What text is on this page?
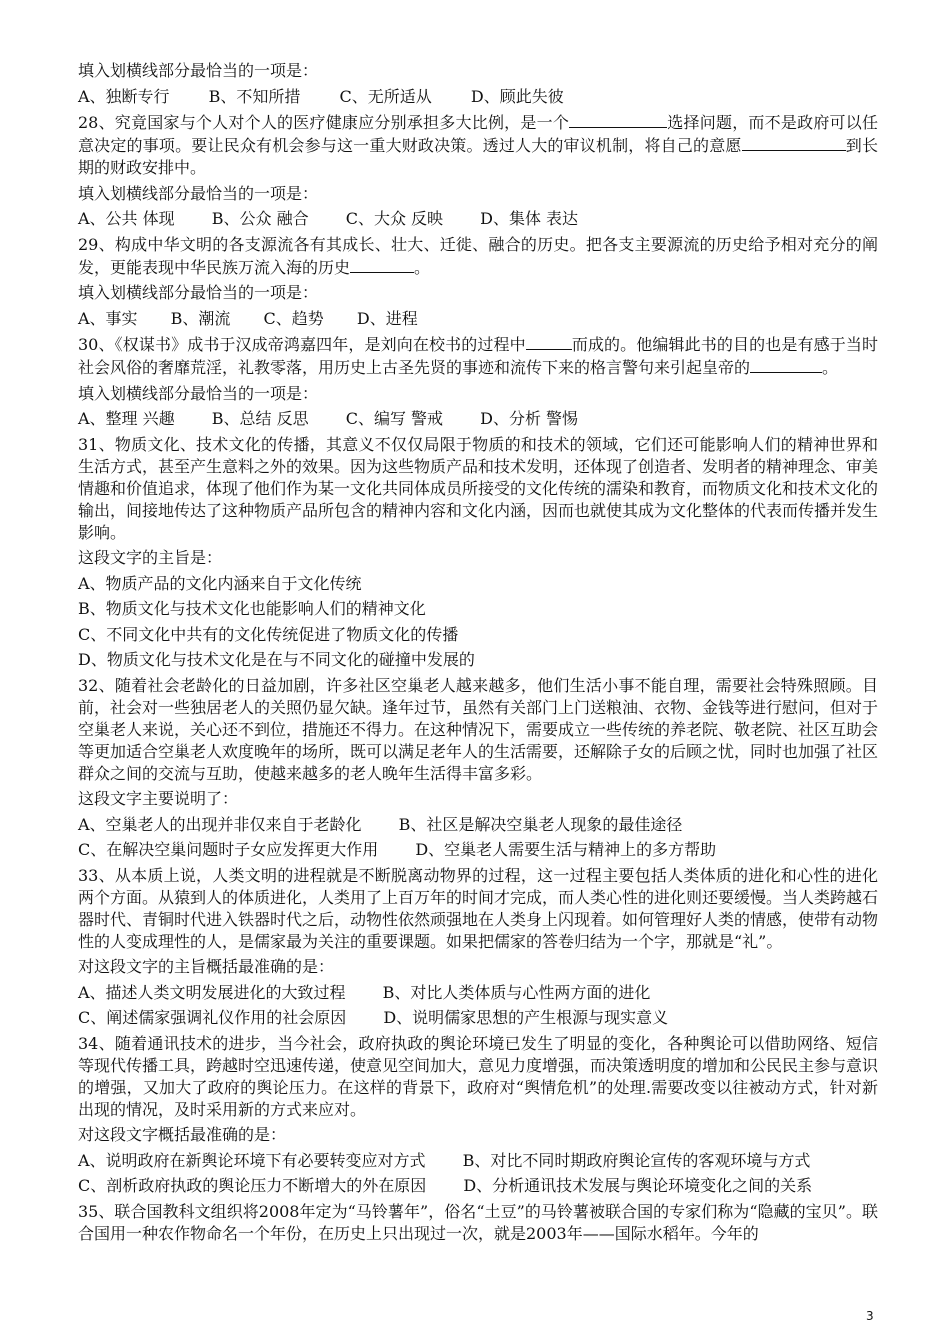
填入划横线部分最恰当的一项是：

A、独断专行 B、不知所措 C、无所适从 D、顾此失彼

28、究竟国家与个人对个人的医疗健康应分别承担多大比例，是一个	选择问题，而不是政府可以任意决定的事项。要让民众有机会参与这一重大财政决策。透过人大的审议机制，将自己的意愿	到长期的财政安排中。

填入划横线部分最恰当的一项是：

A、公共 体现 B、公众 融合 C、大众 反映 D、集体 表达

29、构成中华文明的各支源流各有其成长、壮大、迁徙、融合的历史。把各支主要源流的历史给予相对充分的阐发，更能表现中华民族万流入海的历史	。

填入划横线部分最恰当的一项是：

A、事实 B、潮流 C、趋势 D、进程

30、《权谋书》成书于汉成帝鸿嘉四年，是刘向在校书的过程中	而成的。他编辑此书的目的也是有感于当时社会风俗的奢靡荒淫，礼教零落，用历史上古圣先贤的事迹和流传下来的格言警句来引起皇帝的	。

填入划横线部分最恰当的一项是：

A、整理 兴趣 B、总结 反思 C、编写 警戒 D、分析 警惕

31、物质文化、技术文化的传播，其意义不仅仅局限于物质的和技术的领域，它们还可能影响人们的精神世界和生活方式，甚至产生意料之外的效果。因为这些物质产品和技术发明，还体现了创造者、发明者的精神理念、审美情趣和价值追求，体现了他们作为某一文化共同体成员所接受的文化传统的濡染和教育，而物质文化和技术文化的输出，间接地传达了这种物质产品所包含的精神内容和文化内涵，因而也就使其成为文化整体的代表而传播并发生影响。

这段文字的主旨是：

A、物质产品的文化内涵来自于文化传统

B、物质文化与技术文化也能影响人们的精神文化

C、不同文化中共有的文化传统促进了物质文化的传播

D、物质文化与技术文化是在与不同文化的碰撞中发展的

32、随着社会老龄化的日益加剧，许多社区空巢老人越来越多，他们生活小事不能自理，需要社会特殊照顾。目前，社会对一些独居老人的关照仍显欠缺。逢年过节，虽然有关部门上门送粮油、衣物、金钱等进行慰问，但对于空巢老人来说，关心还不到位，措施还不得力。在这种情况下，需要成立一些传统的养老院、敬老院、社区互助会等更加适合空巢老人欢度晚年的场所，既可以满足老年人的生活需要，还解除子女的后顾之忧，同时也加强了社区群众之间的交流与互助，使越来越多的老人晚年生活得丰富多彩。

这段文字主要说明了：

A、空巢老人的出现并非仅来自于老龄化 B、社区是解决空巢老人现象的最佳途径

C、在解决空巢问题时子女应发挥更大作用 D、空巢老人需要生活与精神上的多方帮助

33、从本质上说，人类文明的进程就是不断脱离动物界的过程，这一过程主要包括人类体质的进化和心性的进化两个方面。从猿到人的体质进化，人类用了上百万年的时间才完成，而人类心性的进化则还要缓慢。当人类跨越石器时代、青铜时代进入铁器时代之后，动物性依然顽强地在人类身上闪现着。如何管理好人类的情感，使带有动物性的人变成理性的人，是儒家最为关注的重要课题。如果把儒家的答卷归结为一个字，那就是“礼”。

对这段文字的主旨概括最准确的是：

A、描述人类文明发展进化的大致过程 B、对比人类体质与心性两方面的进化

C、阐述儒家强调礼仪作用的社会原因 D、说明儒家思想的产生根源与现实意义

34、随着通讯技术的进步，当今社会，政府执政的舆论环境已发生了明显的变化，各种舆论可以借助网络、短信等现代传播工具，跨越时空迅速传递，使意见空间加大，意见力度增强，而决策透明度的增加和公民民主参与意识的增强，又加大了政府的舆论压力。在这样的背景下，政府对“舆情危机”的处理.需要改变以往被动方式，针对新出现的情况，及时采用新的方式来应对。

对这段文字概括最准确的是：

A、说明政府在新舆论环境下有必要转变应对方式 B、对比不同时期政府舆论宣传的客观环境与方式

C、剖析政府执政的舆论压力不断增大的外在原因 D、分析通讯技术发展与舆论环境变化之间的关系

35、联合国教科文组织将2008年定为“马铃薯年”，俗名“土豆”的马铃薯被联合国的专家们称为“隐藏的宝贝”。联合国用一种农作物命名一个年份，在历史上只出现过一次，就是2003年——国际水稻年。今年的

3
